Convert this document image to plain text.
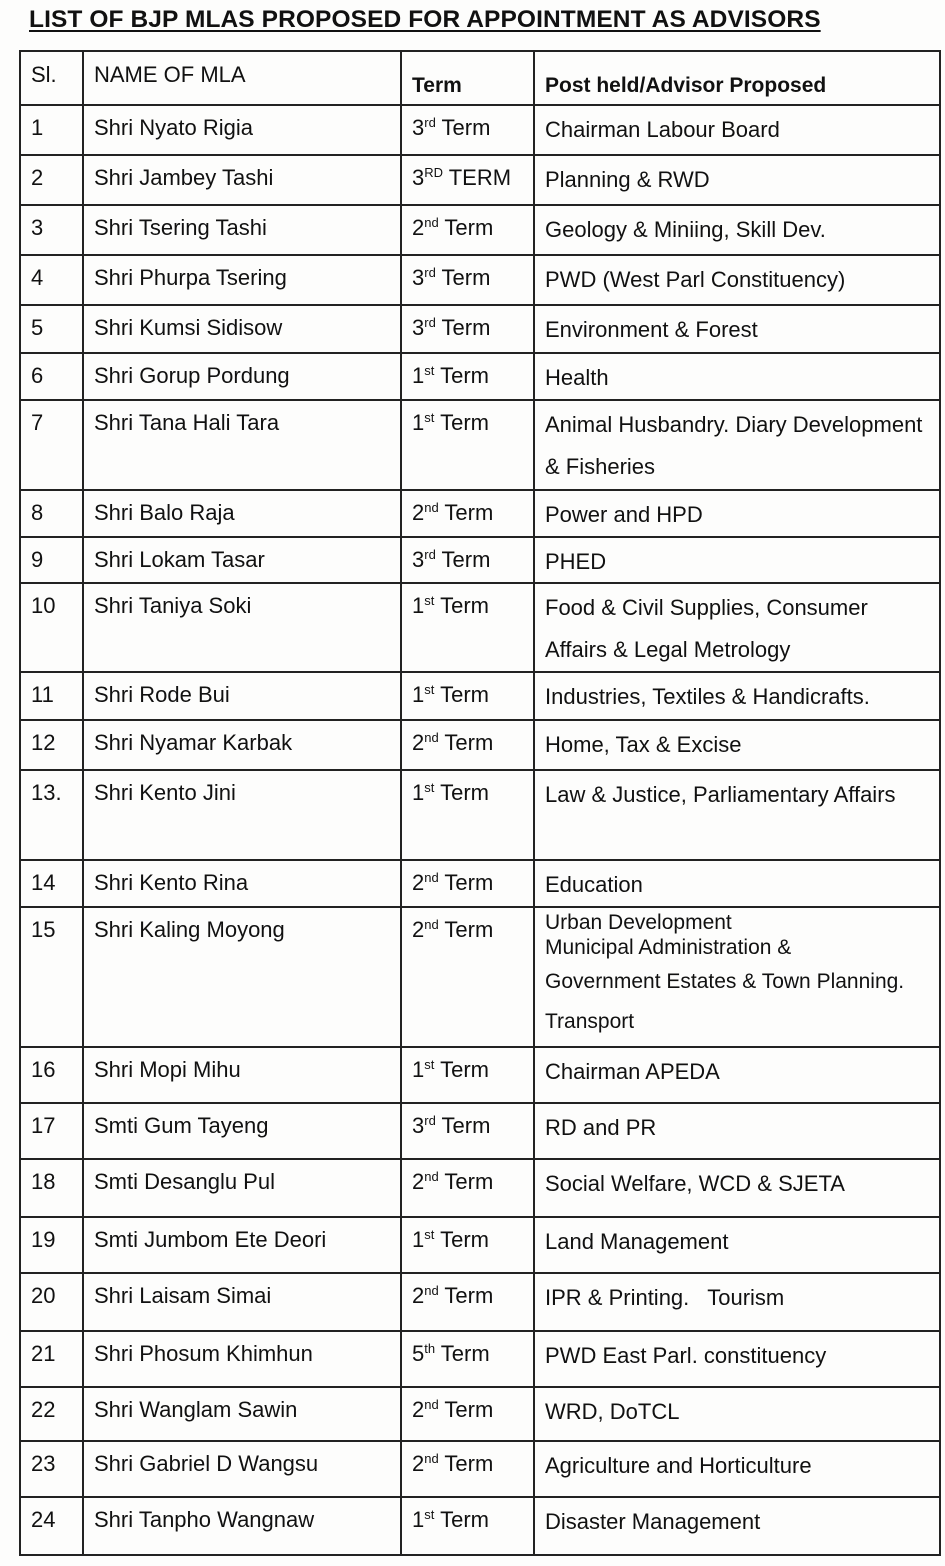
LIST OF BJP MLAS PROPOSED FOR APPOINTMENT AS ADVISORS
Sl.	NAME OF MLA	Term	Post held/Advisor Proposed
1	Shri Nyato Rigia	3rd Term	Chairman Labour Board
2	Shri Jambey Tashi	3RD TERM	Planning & RWD
3	Shri Tsering Tashi	2nd Term	Geology & Miniing, Skill Dev.
4	Shri Phurpa Tsering	3rd Term	PWD (West Parl Constituency)
5	Shri Kumsi Sidisow	3rd Term	Environment & Forest
6	Shri Gorup Pordung	1st Term	Health
7	Shri Tana Hali Tara	1st Term	Animal Husbandry. Diary Development & Fisheries
8	Shri Balo Raja	2nd Term	Power and HPD
9	Shri Lokam Tasar	3rd Term	PHED
10	Shri Taniya Soki	1st Term	Food & Civil Supplies, Consumer Affairs & Legal Metrology
11	Shri Rode Bui	1st Term	Industries, Textiles & Handicrafts.
12	Shri Nyamar Karbak	2nd Term	Home, Tax & Excise
13.	Shri Kento Jini	1st Term	Law & Justice, Parliamentary Affairs
14	Shri Kento Rina	2nd Term	Education
15	Shri Kaling Moyong	2nd Term	Urban Development
Municipal Administration &
Government Estates & Town Planning. Transport

16	Shri Mopi Mihu	1st Term	Chairman APEDA
17	Smti Gum Tayeng	3rd Term	RD and PR
18	Smti Desanglu Pul	2nd Term	Social Welfare, WCD & SJETA
19	Smti Jumbom Ete Deori	1st Term	Land Management
20	Shri Laisam Simai	2nd Term	IPR & Printing.   Tourism
21	Shri Phosum Khimhun	5th Term	PWD East Parl. constituency
22	Shri Wanglam Sawin	2nd Term	WRD, DoTCL
23	Shri Gabriel D Wangsu	2nd Term	Agriculture and Horticulture
24	Shri Tanpho Wangnaw	1st Term	Disaster Management
